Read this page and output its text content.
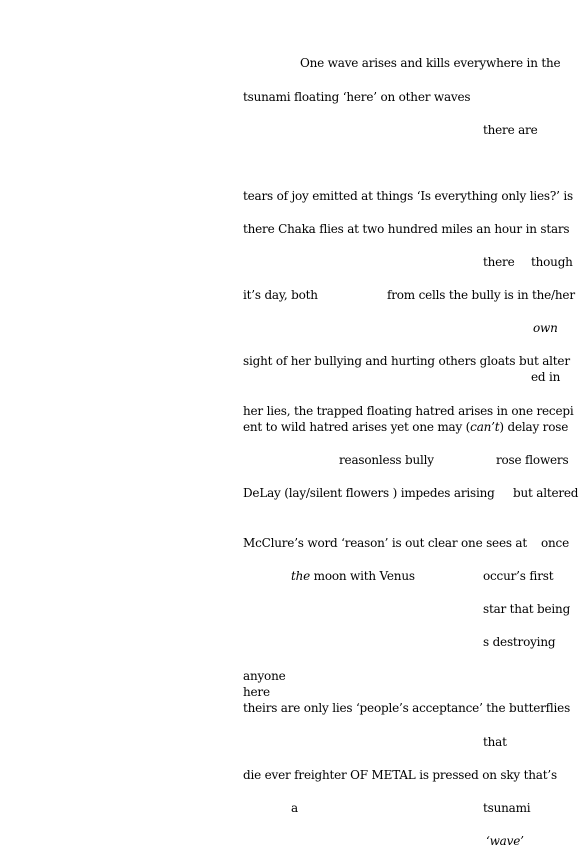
One wave arises and kills everywhere in the
tsunami floating ‘here’ on other waves
there are
tears of joy emitted at things ‘Is everything only lies?’ is
there Chaka flies at two hundred miles an hour in stars
there though
it’s day, both	from cells the bully is in the/her
own
sight of her bullying and hurting others gloats but alter
ed in
her lies, the trapped floating hatred arises in one recepi
ent to wild hatred arises yet one may (can’t) delay rose
reasonless bully	rose flowers
DeLay (lay/silent flowers ) impedes arising but altered
McClure’s word ‘reason’ is out clear one sees at once
the moon with Venus	occur’s first
star that being
s destroying
anyone
here
theirs are only lies ‘people’s acceptance’ the butterflies
that
die ever freighter OF METAL is pressed on sky that’s
a	tsunami
‘wave’
